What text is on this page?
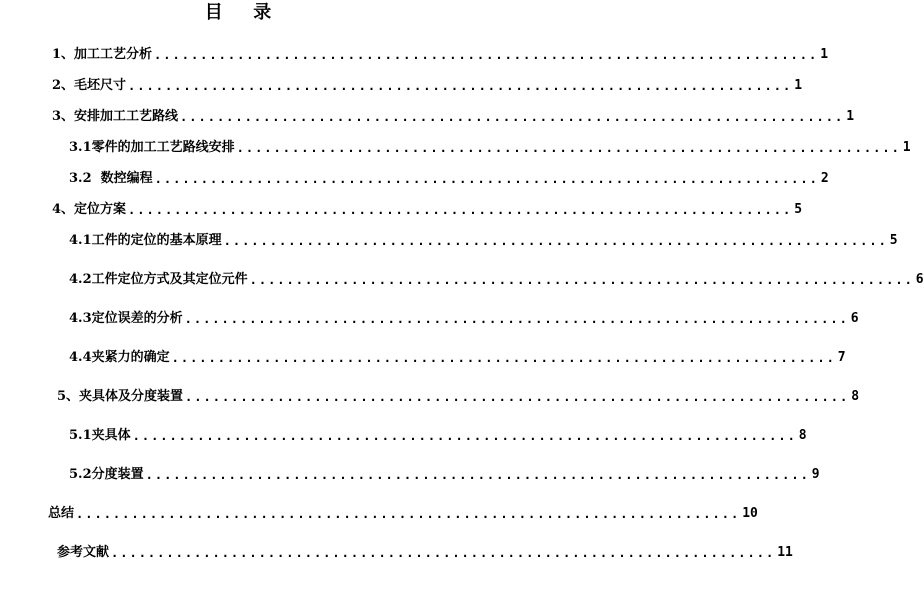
目  录
1、加工工艺分析 ........................................................................ 1
2、毛坯尺寸 ........................................................................ 1
3、安排加工工艺路线 ........................................................................ 1
3.1零件的加工工艺路线安排 ........................................................................ 1
3.2  数控编程 ........................................................................ 2
4、定位方案 ........................................................................ 5
4.1工件的定位的基本原理 ........................................................................ 5
4.2工件定位方式及其定位元件 ........................................................................ 6
4.3定位误差的分析 ........................................................................ 6
4.4夹紧力的确定 ........................................................................ 7
5、夹具体及分度装置 ........................................................................ 8
5.1夹具体 ........................................................................ 8
5.2分度装置 ........................................................................ 9
总结 ........................................................................ 10
参考文献 ........................................................................ 11
